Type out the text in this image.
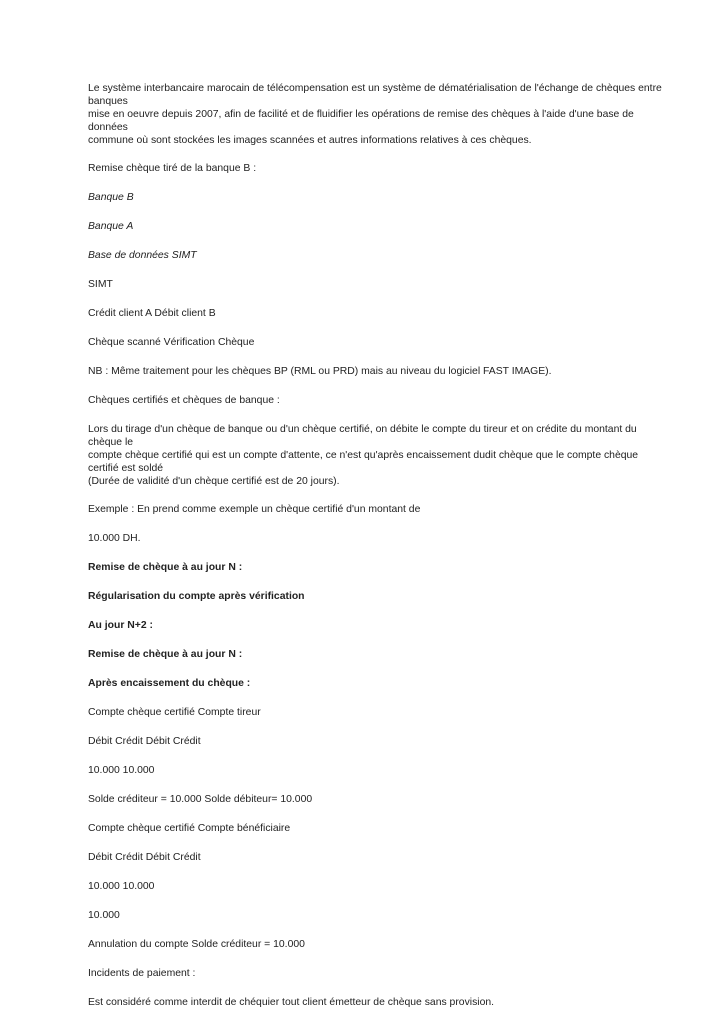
Le système interbancaire marocain de télécompensation est un système de dématérialisation de l'échange de chèques entre banques
mise en oeuvre depuis 2007, afin de facilité et de fluidifier les opérations de remise des chèques à l'aide d'une base de données
commune où sont stockées les images scannées et autres informations relatives à ces chèques.

Remise chèque tiré de la banque B :

Banque B

Banque A

Base de données SIMT

SIMT

Crédit client A Débit client B

Chèque scanné Vérification Chèque

NB : Même traitement pour les chèques BP (RML ou PRD) mais au niveau du logiciel FAST IMAGE).

Chèques certifiés et chèques de banque :

Lors du tirage d'un chèque de banque ou d'un chèque certifié, on débite le compte du tireur et on crédite du montant du chèque le
compte chèque certifié qui est un compte d'attente, ce n'est qu'après encaissement dudit chèque que le compte chèque certifié est soldé
(Durée de validité d'un chèque certifié est de 20 jours).

Exemple : En prend comme exemple un chèque certifié d'un montant de

10.000 DH.

Remise de chèque à au jour N :

Régularisation du compte après vérification

Au jour N+2 :

Remise de chèque à au jour N :

Après encaissement du chèque :

Compte chèque certifié Compte tireur

Débit Crédit Débit Crédit

10.000 10.000

Solde créditeur = 10.000 Solde débiteur= 10.000

Compte chèque certifié Compte bénéficiaire

Débit Crédit Débit Crédit

10.000 10.000

10.000

Annulation du compte Solde créditeur = 10.000

Incidents de paiement :

Est considéré comme interdit de chéquier tout client émetteur de chèque sans provision.
